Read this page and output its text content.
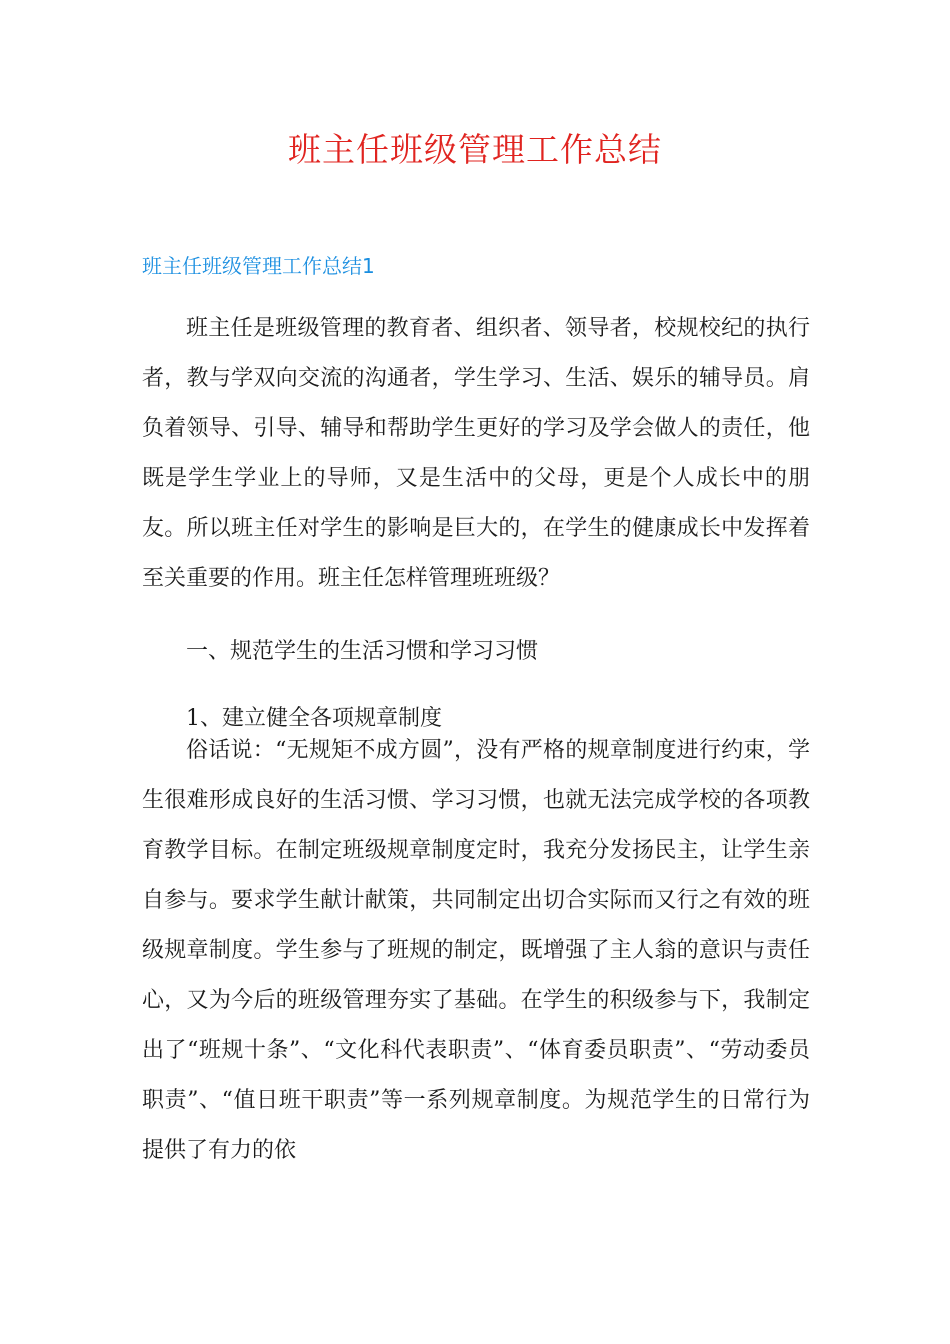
班主任班级管理工作总结
班主任班级管理工作总结1

班主任是班级管理的教育者、组织者、领导者，校规校纪的执行者，教与学双向交流的沟通者，学生学习、生活、娱乐的辅导员。肩负着领导、引导、辅导和帮助学生更好的学习及学会做人的责任，他既是学生学业上的导师，又是生活中的父母，更是个人成长中的朋友。所以班主任对学生的影响是巨大的，在学生的健康成长中发挥着至关重要的作用。班主任怎样管理班班级？

一、规范学生的生活习惯和学习习惯

1、建立健全各项规章制度

俗话说：“无规矩不成方圆”，没有严格的规章制度进行约束，学生很难形成良好的生活习惯、学习习惯，也就无法完成学校的各项教育教学目标。在制定班级规章制度定时，我充分发扬民主，让学生亲自参与。要求学生献计献策，共同制定出切合实际而又行之有效的班级规章制度。学生参与了班规的制定，既增强了主人翁的意识与责任心，又为今后的班级管理夯实了基础。在学生的积级参与下，我制定出了“班规十条”、“文化科代表职责”、“体育委员职责”、“劳动委员职责”、“值日班干职责”等一系列规章制度。为规范学生的日常行为提供了有力的依
